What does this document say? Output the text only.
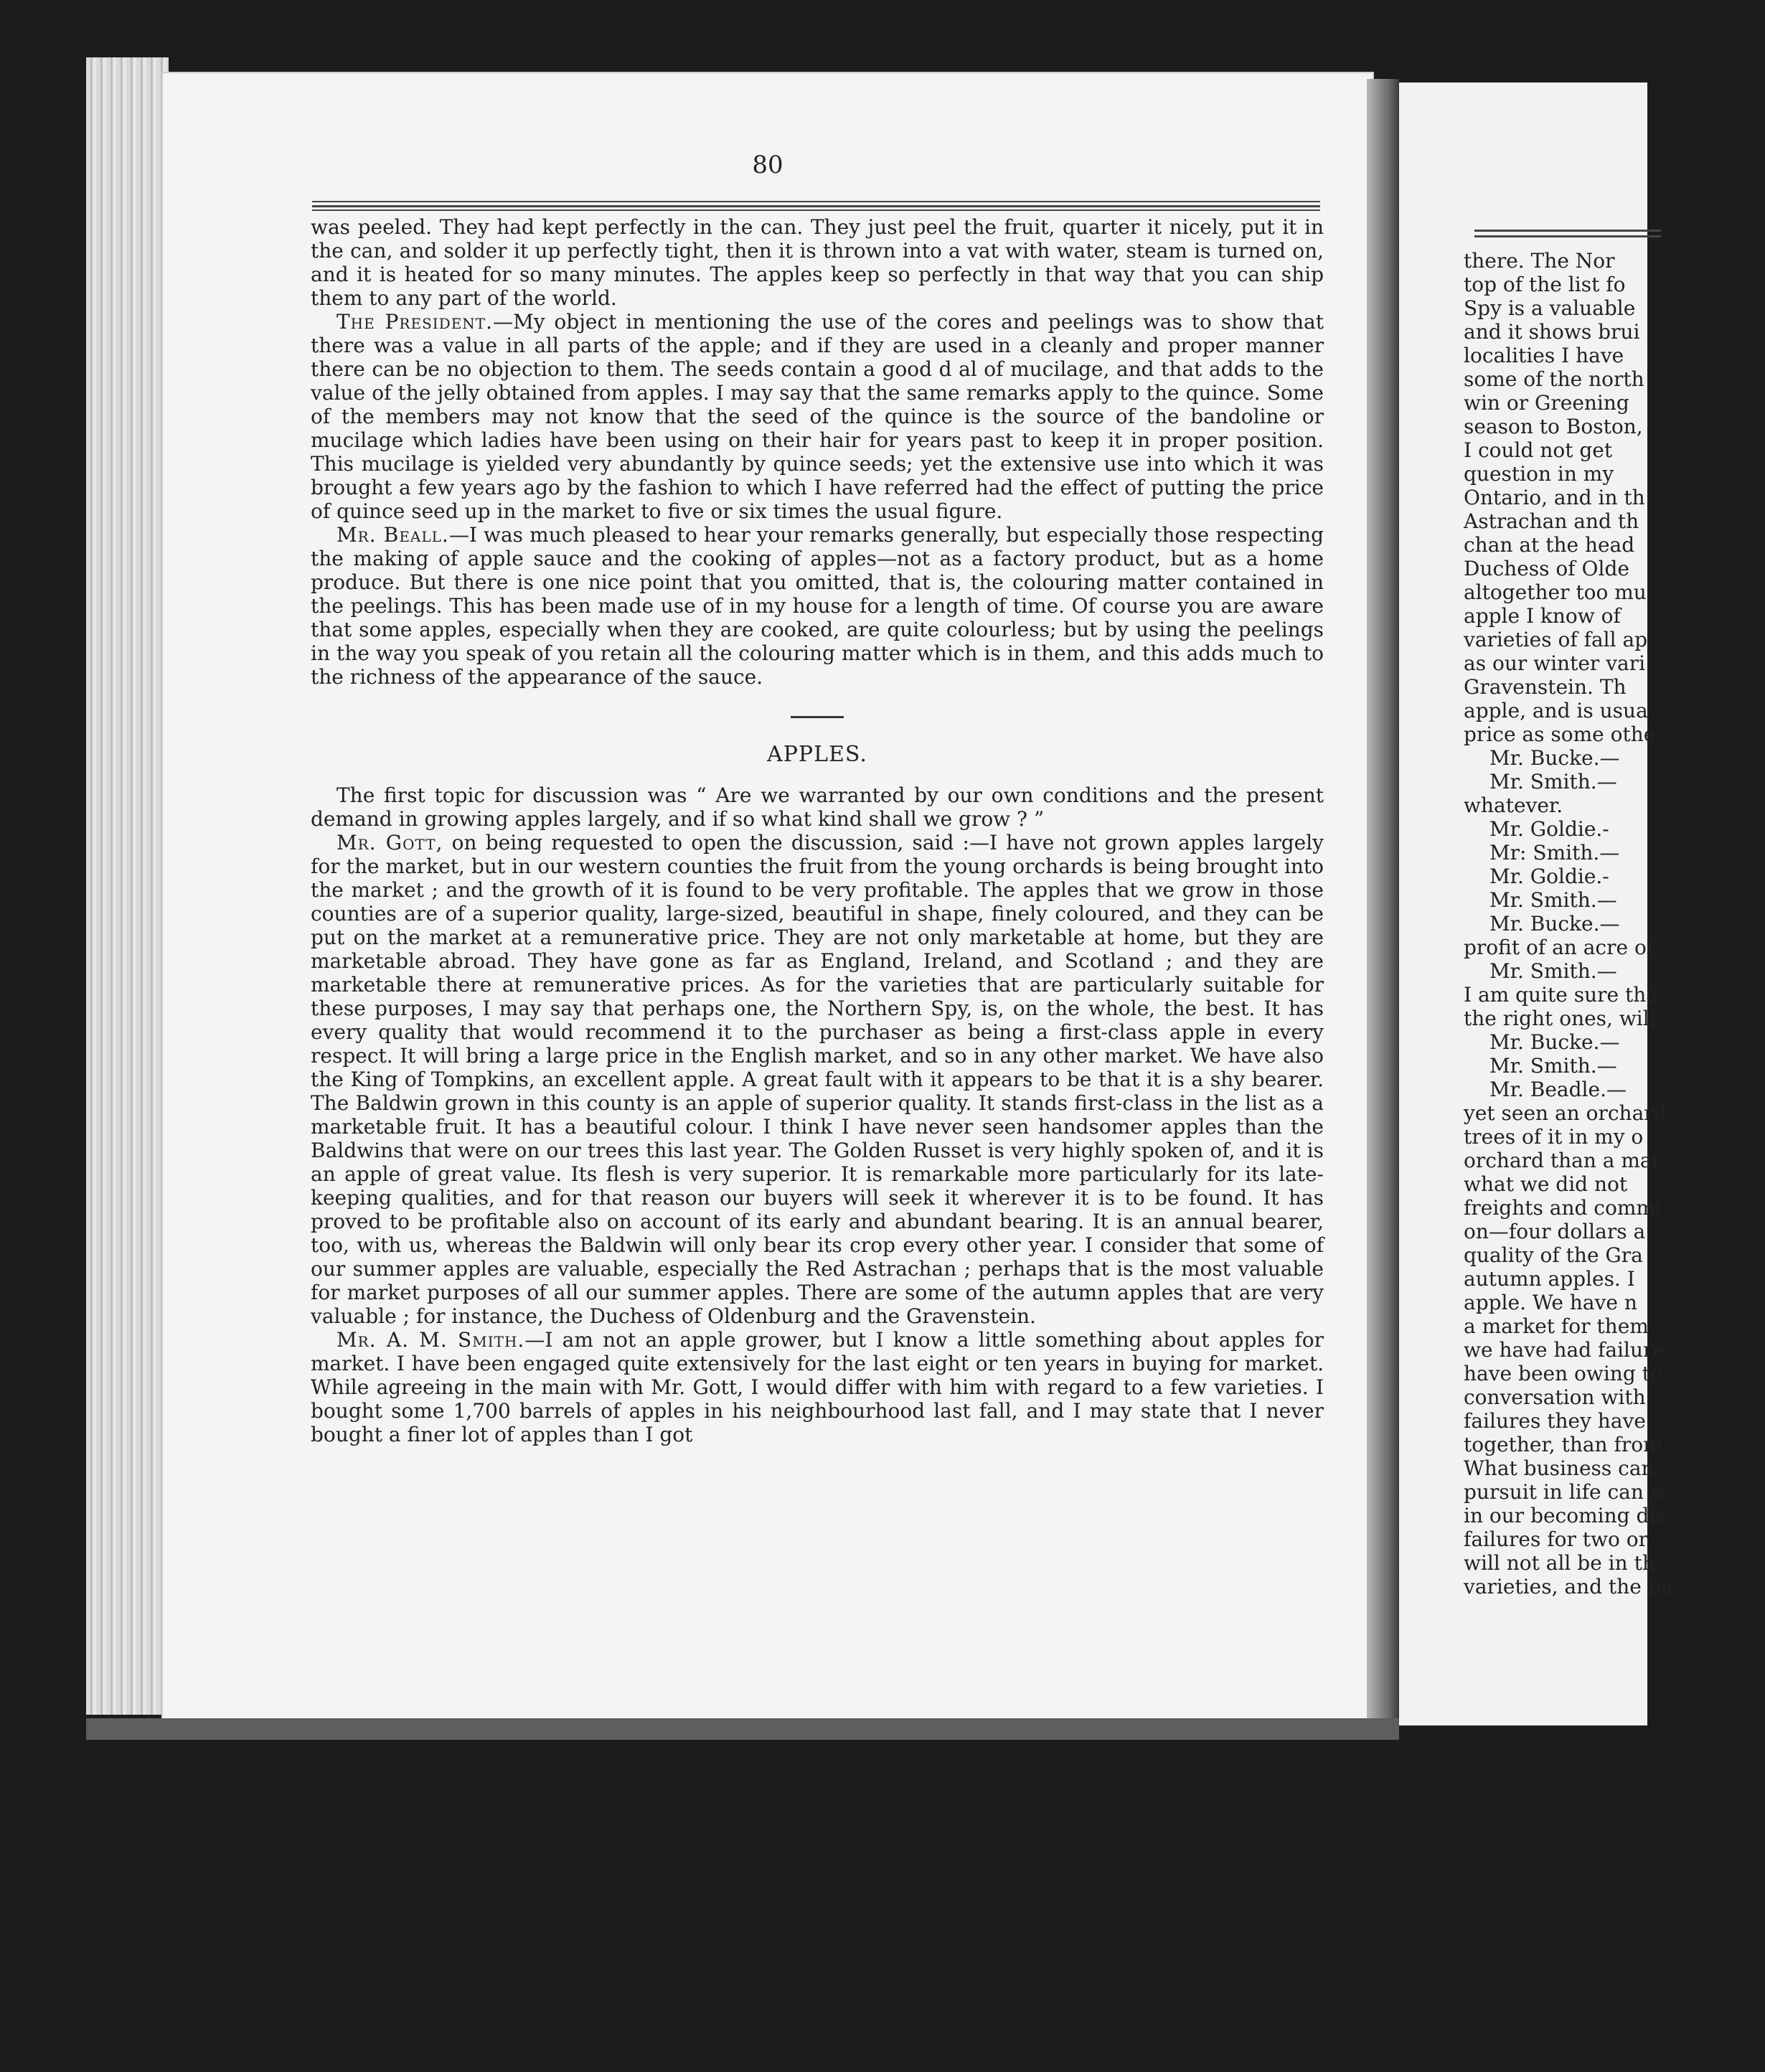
80

was peeled. They had kept perfectly in the can. They just peel the fruit, quarter it nicely, put it in the can, and solder it up perfectly tight, then it is thrown into a vat with water, steam is turned on, and it is heated for so many minutes. The apples keep so perfectly in that way that you can ship them to any part of the world.

The President.—My object in mentioning the use of the cores and peelings was to show that there was a value in all parts of the apple; and if they are used in a cleanly and proper manner there can be no objection to them. The seeds contain a good d al of mucilage, and that adds to the value of the jelly obtained from apples. I may say that the same remarks apply to the quince. Some of the members may not know that the seed of the quince is the source of the bandoline or mucilage which ladies have been using on their hair for years past to keep it in proper position. This mucilage is yielded very abundantly by quince seeds; yet the extensive use into which it was brought a few years ago by the fashion to which I have referred had the effect of putting the price of quince seed up in the market to five or six times the usual figure.

Mr. Beall.—I was much pleased to hear your remarks generally, but especially those respecting the making of apple sauce and the cooking of apples—not as a factory product, but as a home produce. But there is one nice point that you omitted, that is, the colouring matter contained in the peelings. This has been made use of in my house for a length of time. Of course you are aware that some apples, especially when they are cooked, are quite colourless; but by using the peelings in the way you speak of you retain all the colouring matter which is in them, and this adds much to the richness of the appearance of the sauce.

APPLES.

The first topic for discussion was “ Are we warranted by our own conditions and the present demand in growing apples largely, and if so what kind shall we grow ? ”

Mr. Gott, on being requested to open the discussion, said :—I have not grown apples largely for the market, but in our western counties the fruit from the young orchards is being brought into the market ; and the growth of it is found to be very profitable. The apples that we grow in those counties are of a superior quality, large-sized, beautiful in shape, finely coloured, and they can be put on the market at a remunerative price. They are not only marketable at home, but they are marketable abroad. They have gone as far as England, Ireland, and Scotland ; and they are marketable there at remunerative prices. As for the varieties that are particularly suitable for these purposes, I may say that perhaps one, the Northern Spy, is, on the whole, the best. It has every quality that would recommend it to the purchaser as being a first-class apple in every respect. It will bring a large price in the English market, and so in any other market. We have also the King of Tompkins, an excellent apple. A great fault with it appears to be that it is a shy bearer. The Baldwin grown in this county is an apple of superior quality. It stands first-class in the list as a marketable fruit. It has a beautiful colour. I think I have never seen handsomer apples than the Baldwins that were on our trees this last year. The Golden Russet is very highly spoken of, and it is an apple of great value. Its flesh is very superior. It is remarkable more particularly for its late-keeping qualities, and for that reason our buyers will seek it wherever it is to be found. It has proved to be profitable also on account of its early and abundant bearing. It is an annual bearer, too, with us, whereas the Baldwin will only bear its crop every other year. I consider that some of our summer apples are valuable, especially the Red Astrachan ; perhaps that is the most valuable for market purposes of all our summer apples. There are some of the autumn apples that are very valuable ; for instance, the Duchess of Oldenburg and the Gravenstein.

Mr. A. M. Smith.—I am not an apple grower, but I know a little something about apples for market. I have been engaged quite extensively for the last eight or ten years in buying for market. While agreeing in the main with Mr. Gott, I would differ with him with regard to a few varieties. I bought some 1,700 barrels of apples in his neighbourhood last fall, and I may state that I never bought a finer lot of apples than I got

there. The Nor
top of the list fo
Spy is a valuable
and it shows brui
localities I have
some of the north
win or Greening
season to Boston,
I could not get
question in my
Ontario, and in th
Astrachan and th
chan at the head
Duchess of Olde
altogether too mu
apple I know of
varieties of fall ap
as our winter vari
Gravenstein. Th
apple, and is usua
price as some othe
Mr. Bucke.—
Mr. Smith.—
whatever.
Mr. Goldie.-
Mr: Smith.—
Mr. Goldie.-
Mr. Smith.—
Mr. Bucke.—
profit of an acre of
Mr. Smith.—
I am quite sure tha
the right ones, will
Mr. Bucke.—
Mr. Smith.—
Mr. Beadle.—
yet seen an orchard
trees of it in my o
orchard than a mar
what we did not
freights and commi
on—four dollars a
quality of the Gra
autumn apples. I
apple. We have n
a market for them
we have had failure
have been owing to
conversation with
failures they have
together, than from
What business can
pursuit in life can w
in our becoming dis
failures for two or
will not all be in th
varieties, and the ba
